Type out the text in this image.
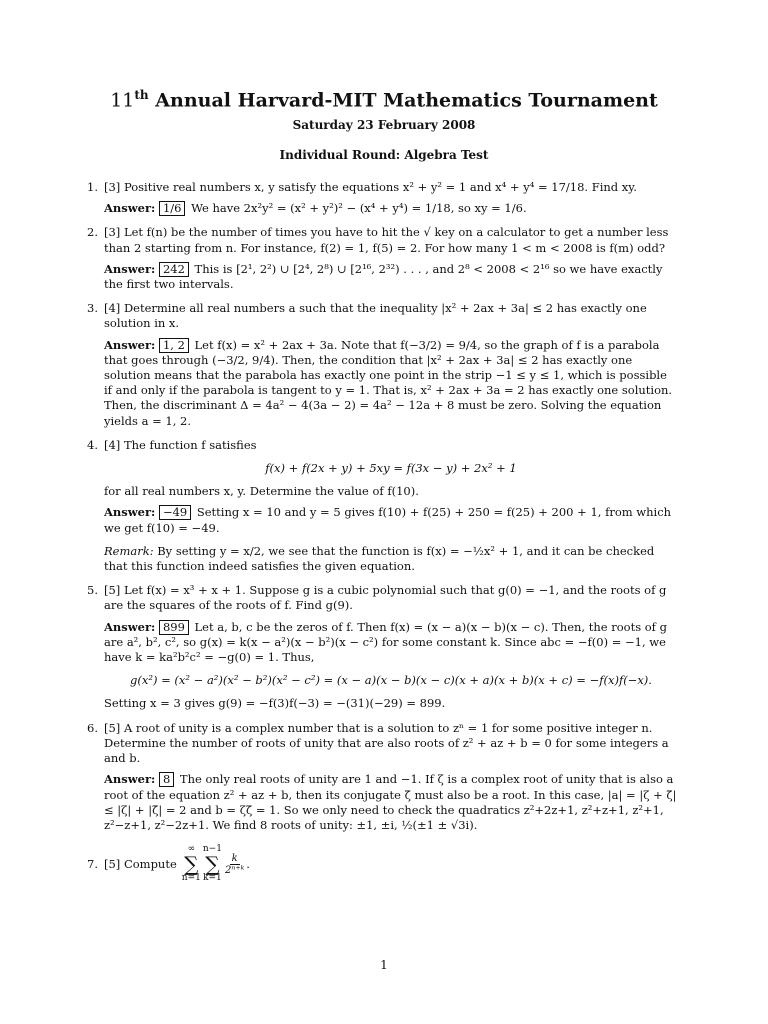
11th Annual Harvard-MIT Mathematics Tournament
Saturday 23 February 2008
Individual Round: Algebra Test
1. [3] Positive real numbers x, y satisfy the equations x² + y² = 1 and x⁴ + y⁴ = 17/18. Find xy.
Answer: 1/6 We have 2x²y² = (x² + y²)² − (x⁴ + y⁴) = 1/18, so xy = 1/6.
2. [3] Let f(n) be the number of times you have to hit the √ key on a calculator to get a number less than 2 starting from n. For instance, f(2) = 1, f(5) = 2. For how many 1 < m < 2008 is f(m) odd?
Answer: 242 This is [2¹, 2²) ∪ [2⁴, 2⁸) ∪ [2¹⁶, 2³²) . . . , and 2⁸ < 2008 < 2¹⁶ so we have exactly the first two intervals.
3. [4] Determine all real numbers a such that the inequality |x² + 2ax + 3a| ≤ 2 has exactly one solution in x.
Answer: 1, 2 Let f(x) = x² + 2ax + 3a. Note that f(−3/2) = 9/4, so the graph of f is a parabola that goes through (−3/2, 9/4). Then, the condition that |x² + 2ax + 3a| ≤ 2 has exactly one solution means that the parabola has exactly one point in the strip −1 ≤ y ≤ 1, which is possible if and only if the parabola is tangent to y = 1. That is, x² + 2ax + 3a = 2 has exactly one solution. Then, the discriminant Δ = 4a² − 4(3a − 2) = 4a² − 12a + 8 must be zero. Solving the equation yields a = 1, 2.
4. [4] The function f satisfies
f(x) + f(2x + y) + 5xy = f(3x − y) + 2x² + 1
for all real numbers x, y. Determine the value of f(10).
Answer: −49 Setting x = 10 and y = 5 gives f(10) + f(25) + 250 = f(25) + 200 + 1, from which we get f(10) = −49.
Remark: By setting y = x/2, we see that the function is f(x) = −½x² + 1, and it can be checked that this function indeed satisfies the given equation.
5. [5] Let f(x) = x³ + x + 1. Suppose g is a cubic polynomial such that g(0) = −1, and the roots of g are the squares of the roots of f. Find g(9).
Answer: 899 Let a, b, c be the zeros of f. Then f(x) = (x − a)(x − b)(x − c). Then, the roots of g are a², b², c², so g(x) = k(x − a²)(x − b²)(x − c²) for some constant k. Since abc = −f(0) = −1, we have k = ka²b²c² = −g(0) = 1. Thus,
g(x²) = (x² − a²)(x² − b²)(x² − c²) = (x − a)(x − b)(x − c)(x + a)(x + b)(x + c) = −f(x)f(−x).
Setting x = 3 gives g(9) = −f(3)f(−3) = −(31)(−29) = 899.
6. [5] A root of unity is a complex number that is a solution to zⁿ = 1 for some positive integer n. Determine the number of roots of unity that are also roots of z² + az + b = 0 for some integers a and b.
Answer: 8 The only real roots of unity are 1 and −1. If ζ is a complex root of unity that is also a root of the equation z² + az + b, then its conjugate ζ̄ must also be a root. In this case, |a| = |ζ + ζ̄| ≤ |ζ| + |ζ̄| = 2 and b = ζζ̄ = 1. So we only need to check the quadratics z²+2z+1, z²+z+1, z²+1, z²−z+1, z²−2z+1. We find 8 roots of unity: ±1, ±i, ½(±1 ± √3i).
7. [5] Compute
∞
∑
n=1
n−1
∑
k=1
$\frac{k}{\text{2ⁿ⁺ᵏ}}$ .
1
